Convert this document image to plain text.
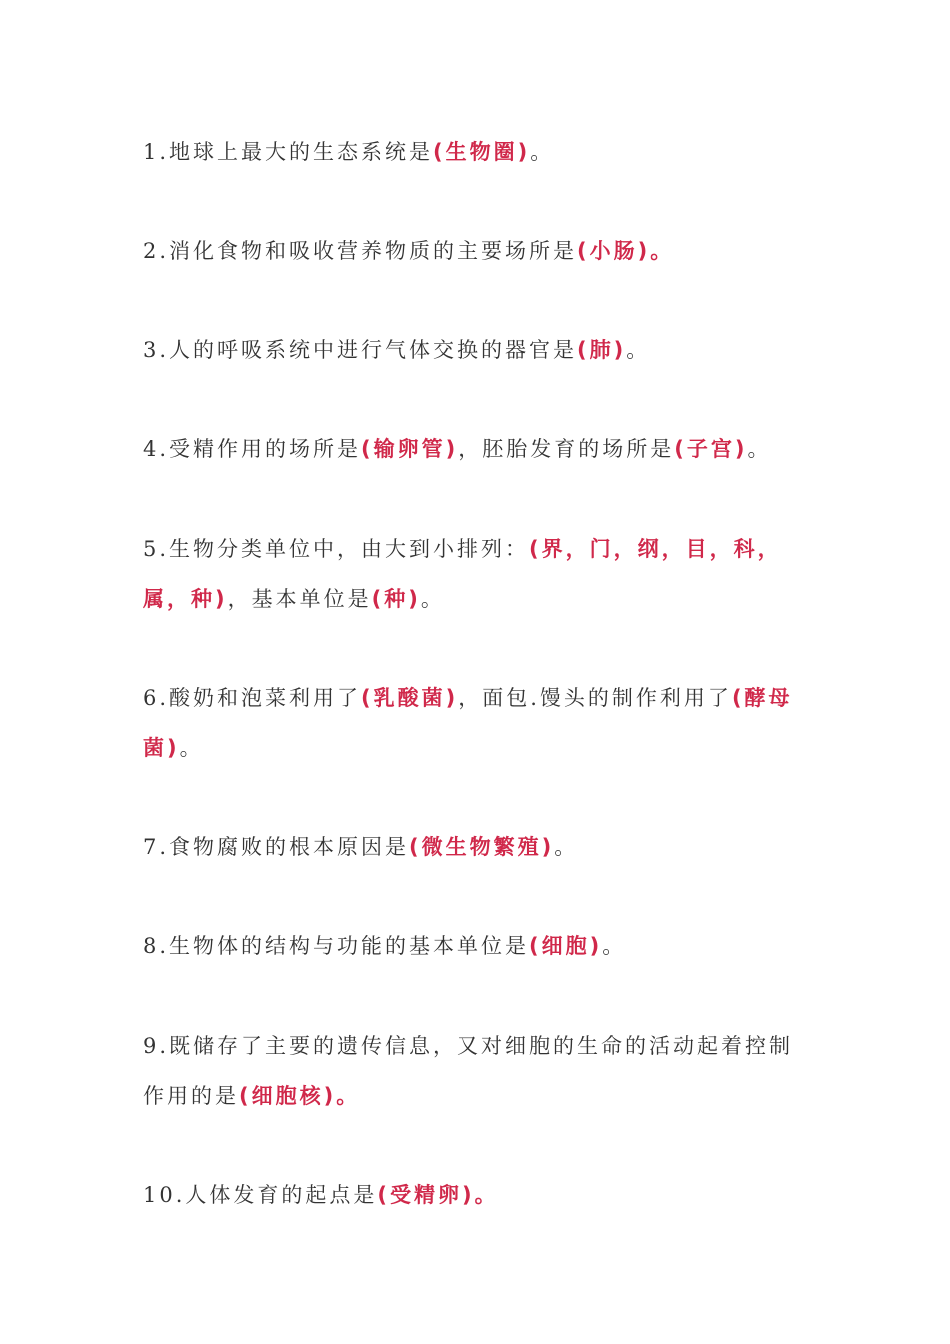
1.地球上最大的生态系统是(生物圈)。

2.消化食物和吸收营养物质的主要场所是(小肠)。

3.人的呼吸系统中进行气体交换的器官是(肺)。

4.受精作用的场所是(输卵管)，胚胎发育的场所是(子宫)。

5.生物分类单位中，由大到小排列：(界，门，纲，目，科，属，种)，基本单位是(种)。

6.酸奶和泡菜利用了(乳酸菌)，面包.馒头的制作利用了(酵母菌)。

7.食物腐败的根本原因是(微生物繁殖)。

8.生物体的结构与功能的基本单位是(细胞)。

9.既储存了主要的遗传信息，又对细胞的生命的活动起着控制作用的是(细胞核)。

10.人体发育的起点是(受精卵)。
